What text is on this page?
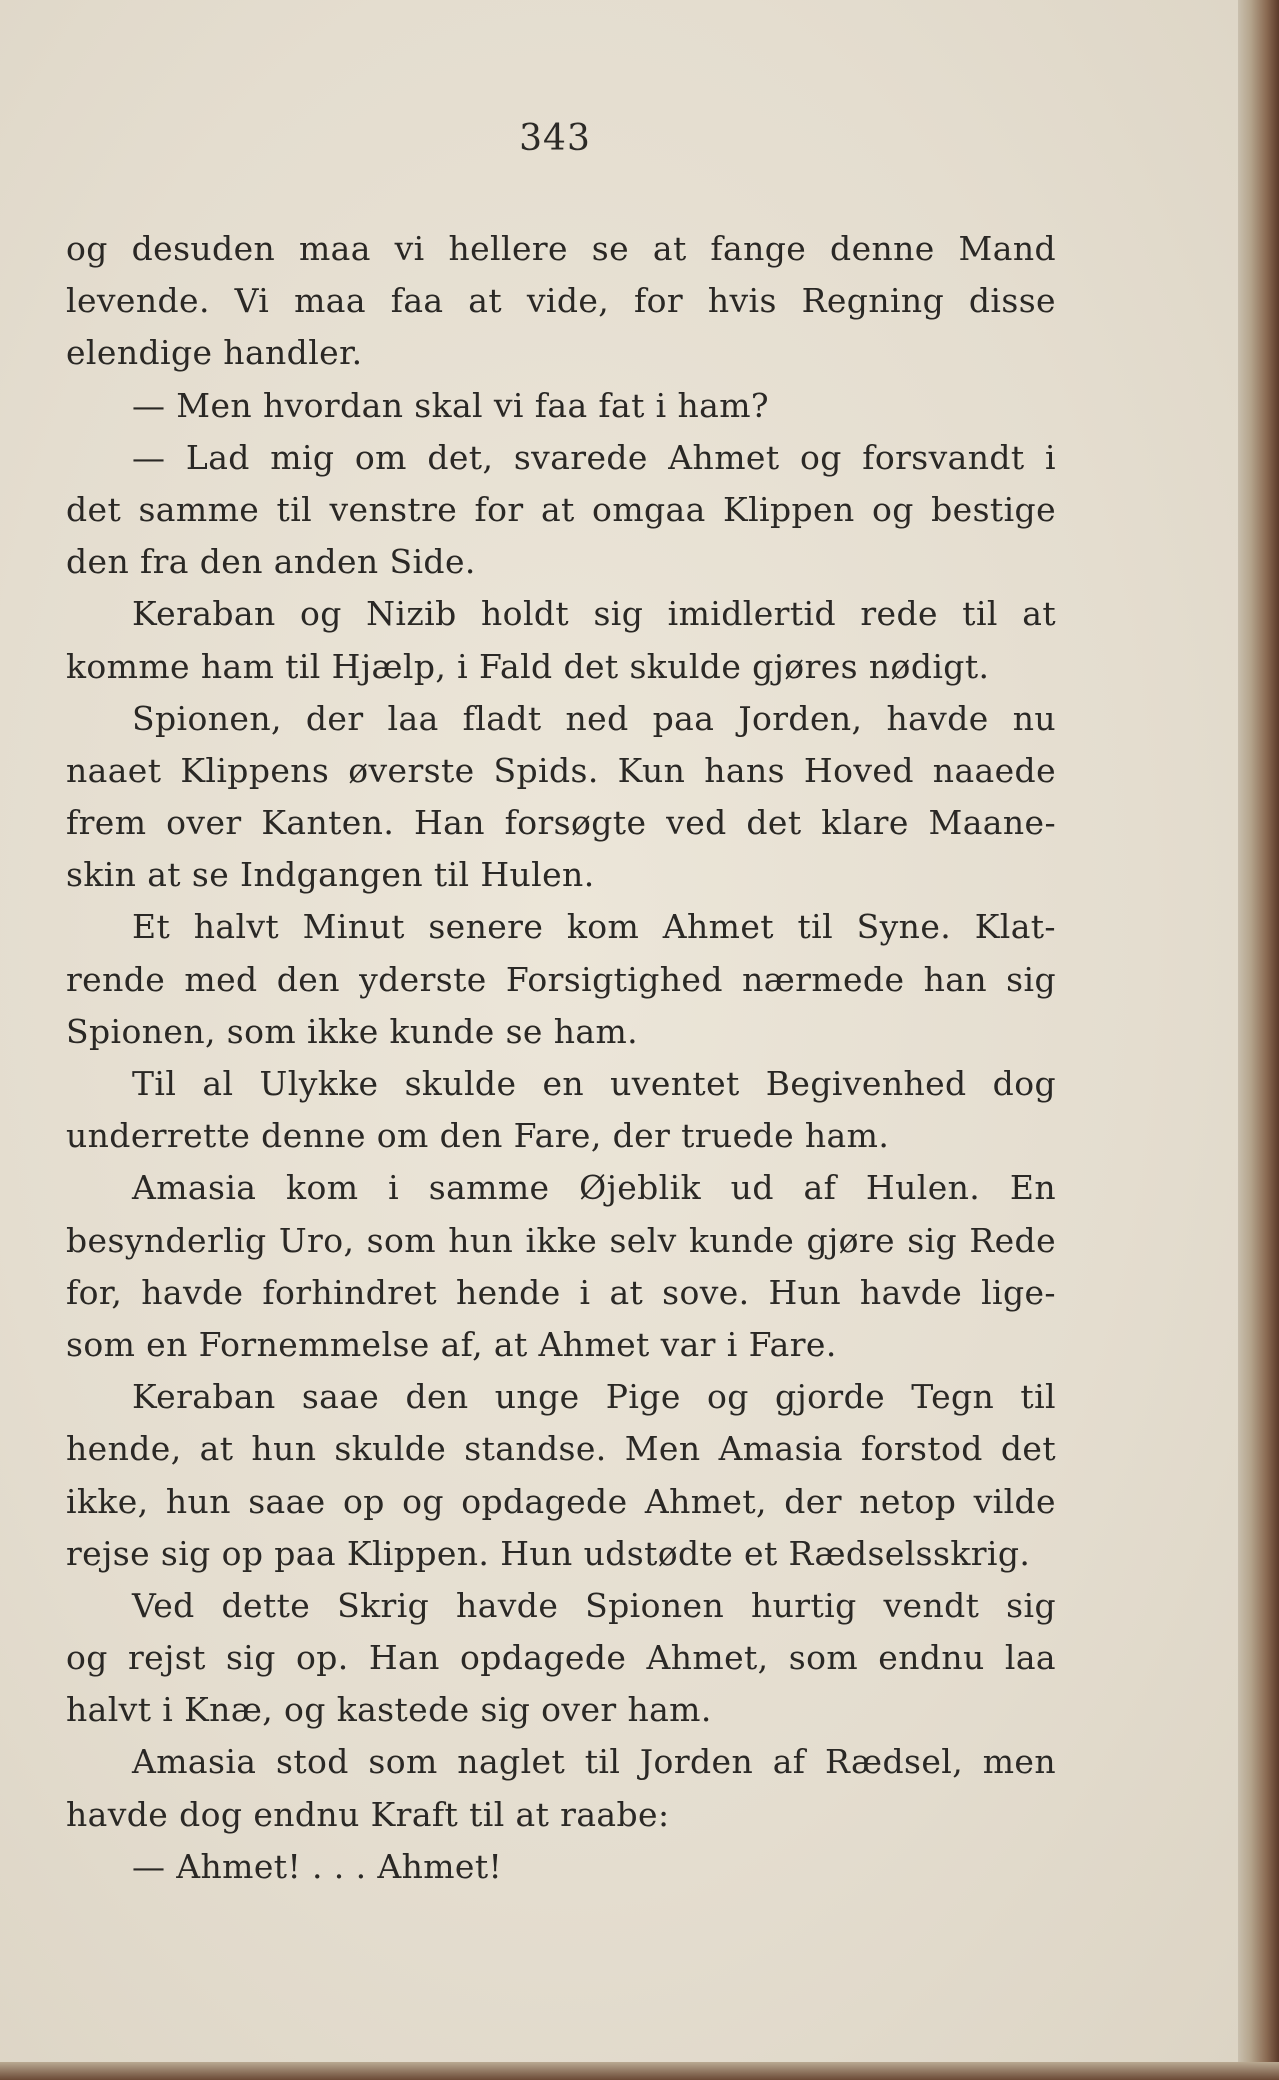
343
og desuden maa vi hellere se at fange denne Mand
levende. Vi maa faa at vide, for hvis Regning disse
elendige handler.
— Men hvordan skal vi faa fat i ham?
— Lad mig om det, svarede Ahmet og forsvandt i
det samme til venstre for at omgaa Klippen og bestige
den fra den anden Side.
Keraban og Nizib holdt sig imidlertid rede til at
komme ham til Hjælp, i Fald det skulde gjøres nødigt.
Spionen, der laa fladt ned paa Jorden, havde nu
naaet Klippens øverste Spids. Kun hans Hoved naaede
frem over Kanten. Han forsøgte ved det klare Maane-
skin at se Indgangen til Hulen.
Et halvt Minut senere kom Ahmet til Syne. Klat-
rende med den yderste Forsigtighed nærmede han sig
Spionen, som ikke kunde se ham.
Til al Ulykke skulde en uventet Begivenhed dog
underrette denne om den Fare, der truede ham.
Amasia kom i samme Øjeblik ud af Hulen. En
besynderlig Uro, som hun ikke selv kunde gjøre sig Rede
for, havde forhindret hende i at sove. Hun havde lige-
som en Fornemmelse af, at Ahmet var i Fare.
Keraban saae den unge Pige og gjorde Tegn til
hende, at hun skulde standse. Men Amasia forstod det
ikke, hun saae op og opdagede Ahmet, der netop vilde
rejse sig op paa Klippen. Hun udstødte et Rædselsskrig.
Ved dette Skrig havde Spionen hurtig vendt sig
og rejst sig op. Han opdagede Ahmet, som endnu laa
halvt i Knæ, og kastede sig over ham.
Amasia stod som naglet til Jorden af Rædsel, men
havde dog endnu Kraft til at raabe:
— Ahmet! . . . Ahmet!
